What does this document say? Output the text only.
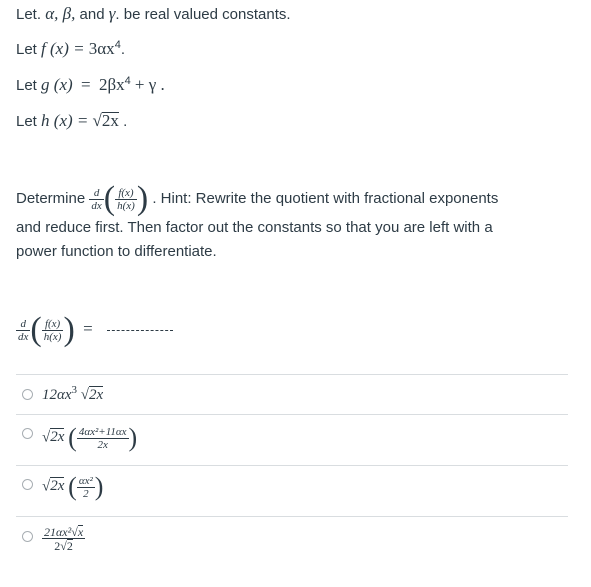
Let. α, β, and γ. be real valued constants.
Let f $(x) = 3\alpha x^4$.
Let g $(x) = 2\beta x^4 + \gamma$ .
Let h (x) = √2x .
Determine $\frac{d}{dx}$ ( $\frac{f(x)}{h(x)}$ ) . Hint: Rewrite the quotient with fractional exponents
and reduce first. Then factor out the constants so that you are left with a
power function to differentiate.
$\frac{d}{dx}$ ( $\frac{f(x)}{h(x)}$ ) =
$12\alpha x^3$ √2x
√2x ( $\frac{\text{4αx²+11αx}}{2x}$ )
√2x ( $\frac{\text{αx²}}{2}$ )
$\frac{\text{21αx²√x}}{2√2}$
